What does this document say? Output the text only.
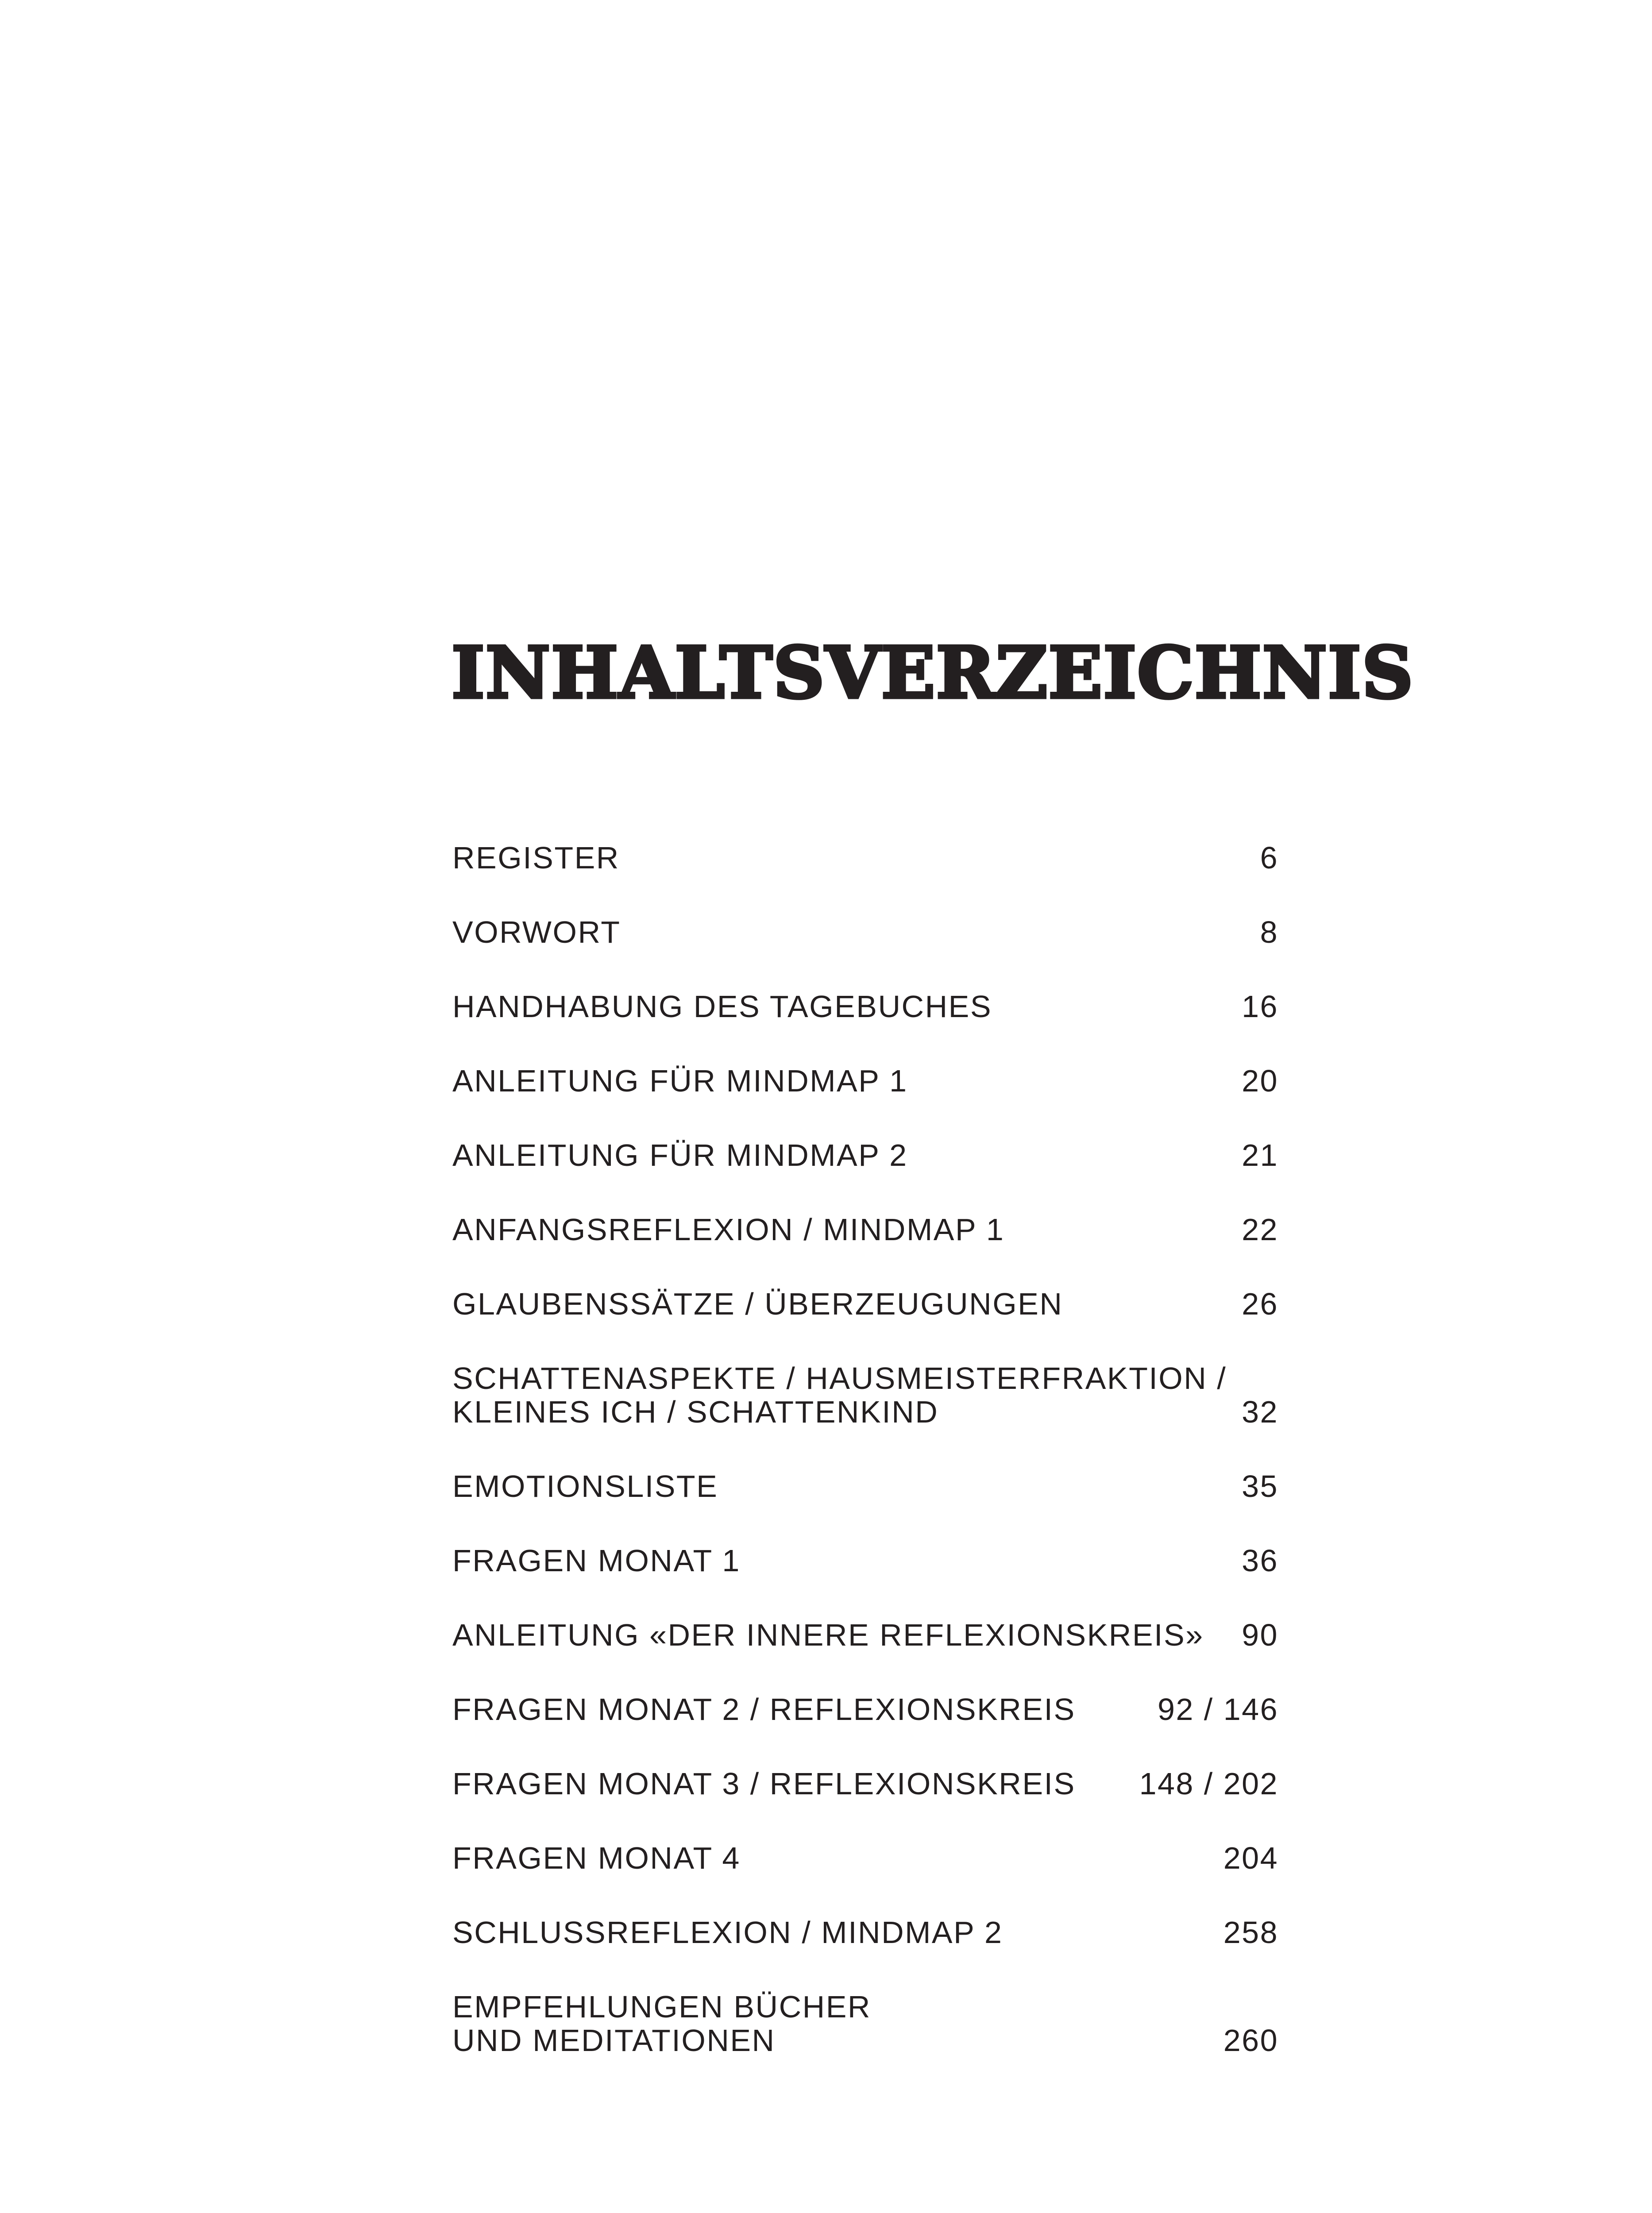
INHALTSVERZEICHNIS
REGISTER	6
VORWORT	8
HANDHABUNG DES TAGEBUCHES	16
ANLEITUNG FÜR MINDMAP 1	20
ANLEITUNG FÜR MINDMAP 2	21
ANFANGSREFLEXION / MINDMAP 1	22
GLAUBENSSÄTZE / ÜBERZEUGUNGEN	26
SCHATTENASPEKTE / HAUSMEISTERFRAKTION /
KLEINES ICH / SCHATTENKIND	32
EMOTIONSLISTE	35
FRAGEN MONAT 1	36
ANLEITUNG «DER INNERE REFLEXIONSKREIS» 90
FRAGEN MONAT 2 / REFLEXIONSKREIS	92 / 146
FRAGEN MONAT 3 / REFLEXIONSKREIS 148 / 202
FRAGEN MONAT 4	204
SCHLUSSREFLEXION / MINDMAP 2	258
EMPFEHLUNGEN BÜCHER
UND MEDITATIONEN	260
